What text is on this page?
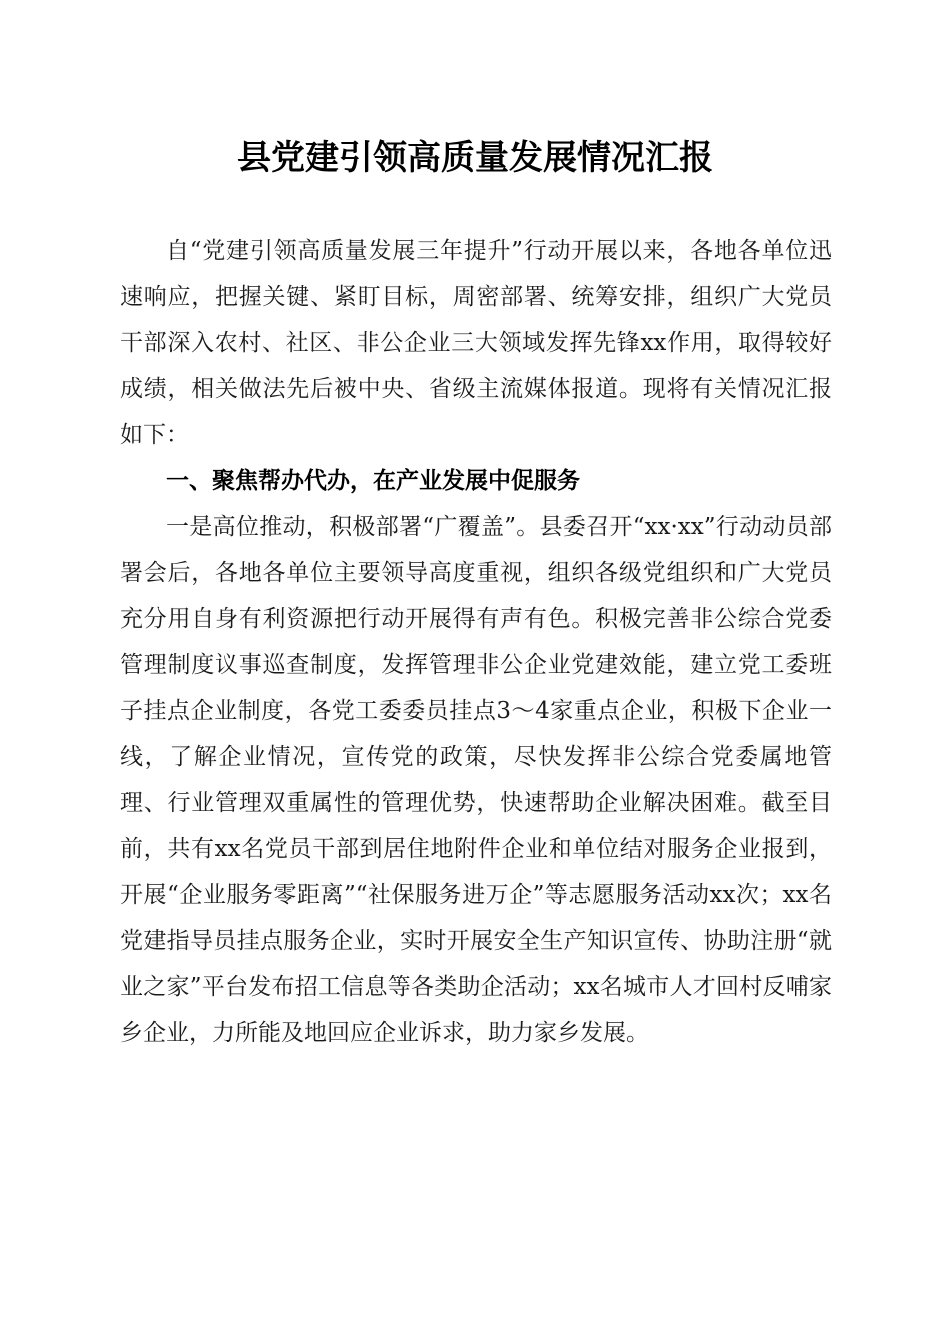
县党建引领高质量发展情况汇报

自“党建引领高质量发展三年提升”行动开展以来，各地各单位迅速响应，把握关键、紧盯目标，周密部署、统筹安排，组织广大党员干部深入农村、社区、非公企业三大领域发挥先锋xx作用，取得较好成绩，相关做法先后被中央、省级主流媒体报道。现将有关情况汇报如下：

一、聚焦帮办代办，在产业发展中促服务

一是高位推动，积极部署“广覆盖”。县委召开“xx·xx”行动动员部署会后，各地各单位主要领导高度重视，组织各级党组织和广大党员充分用自身有利资源把行动开展得有声有色。积极完善非公综合党委管理制度议事巡查制度，发挥管理非公企业党建效能，建立党工委班子挂点企业制度，各党工委委员挂点3～4家重点企业，积极下企业一线，了解企业情况，宣传党的政策，尽快发挥非公综合党委属地管理、行业管理双重属性的管理优势，快速帮助企业解决困难。截至目前，共有xx名党员干部到居住地附件企业和单位结对服务企业报到，开展“企业服务零距离”“社保服务进万企”等志愿服务活动xx次；xx名党建指导员挂点服务企业，实时开展安全生产知识宣传、协助注册“就业之家”平台发布招工信息等各类助企活动；xx名城市人才回村反哺家乡企业，力所能及地回应企业诉求，助力家乡发展。
